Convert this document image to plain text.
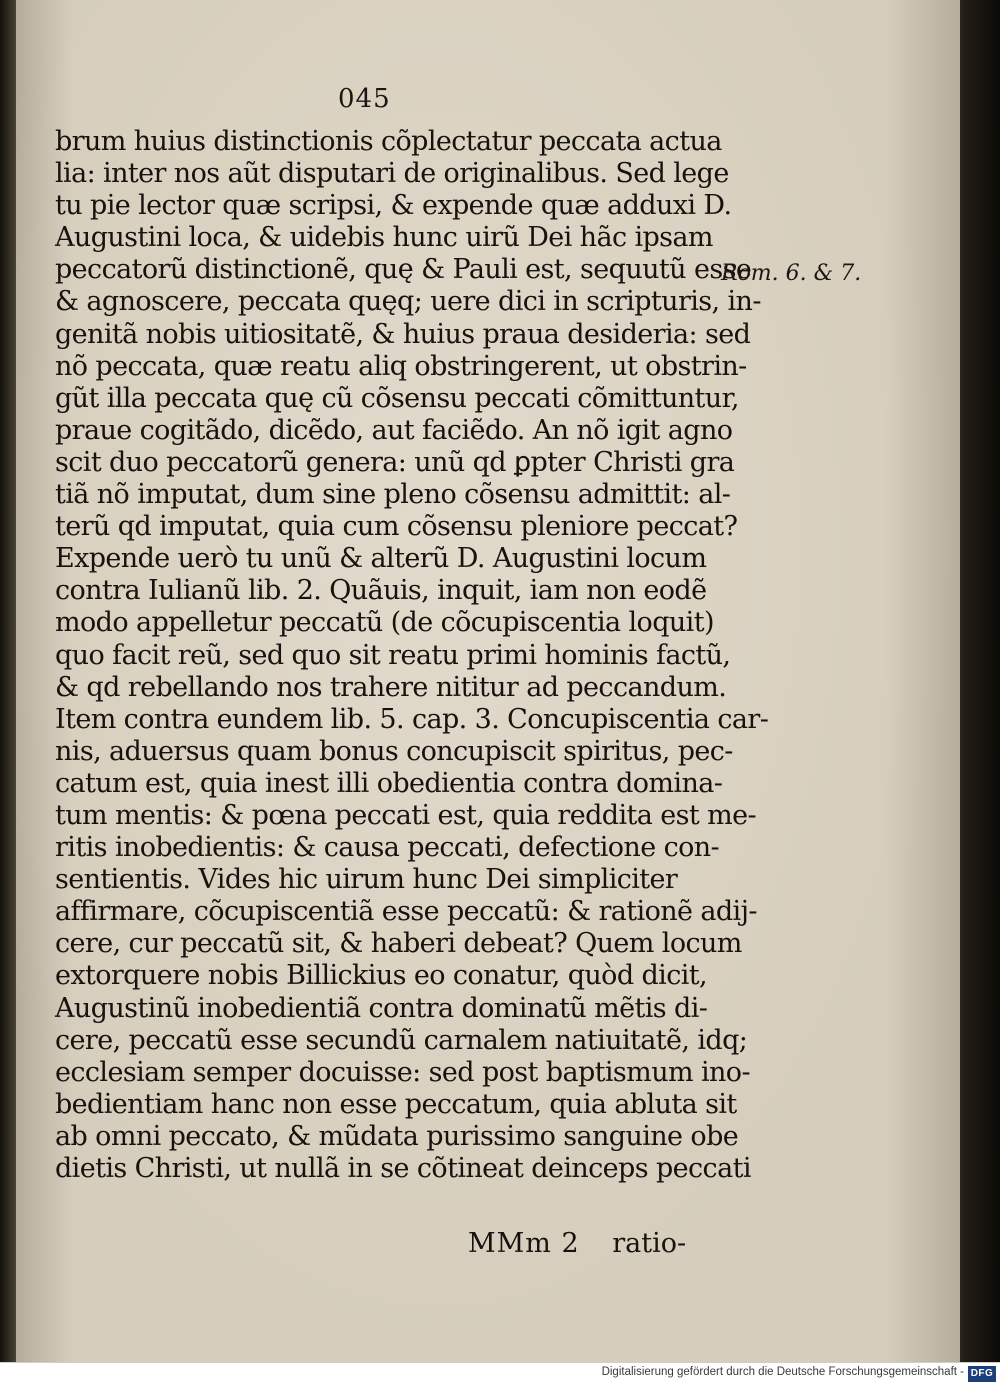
045
brum huius distinctionis cõplectatur peccata actua
lia: inter nos aũt disputari de originalibus. Sed lege
tu pie lector quæ scripsi, & expende quæ adduxi D.
Augustini loca, & uidebis hunc uirũ Dei hãc ipsam
peccatorũ distinctionẽ, quę & Pauli est, sequutũ esse
& agnoscere, peccata quęq; uere dici in scripturis, in-
genitã nobis uitiositatẽ, & huius praua desideria: sed
nõ peccata, quæ reatu aliq obstringerent, ut obstrin-
gũt illa peccata quę cũ cõsensu peccati cõmittuntur,
praue cogitãdo, dicẽdo, aut faciẽdo. An nõ igit agno
scit duo peccatorũ genera: unũ qd ꝑpter Christi gra
tiã nõ imputat, dum sine pleno cõsensu admittit: al-
terũ qd imputat, quia cum cõsensu pleniore peccat?
Expende uerò tu unũ & alterũ D. Augustini locum
contra Iulianũ lib. 2. Quãuis, inquit, iam non eodẽ
modo appelletur peccatũ (de cõcupiscentia loquit)
quo facit reũ, sed quo sit reatu primi hominis factũ,
& qd rebellando nos trahere nititur ad peccandum.
Item contra eundem lib. 5. cap. 3. Concupiscentia car-
nis, aduersus quam bonus concupiscit spiritus, pec-
catum est, quia inest illi obedientia contra domina-
tum mentis: & pœna peccati est, quia reddita est me-
ritis inobedientis: & causa peccati, defectione con-
sentientis. Vides hic uirum hunc Dei simpliciter
affirmare, cõcupiscentiã esse peccatũ: & rationẽ adij-
cere, cur peccatũ sit, & haberi debeat? Quem locum
extorquere nobis Billickius eo conatur, quòd dicit,
Augustinũ inobedientiã contra dominatũ mẽtis di-
cere, peccatũ esse secundũ carnalem natiuitatẽ, idq;
ecclesiam semper docuisse: sed post baptismum ino-
bedientiam hanc non esse peccatum, quia abluta sit
ab omni peccato, & mũdata purissimo sanguine obe
dietis Christi, ut nullã in se cõtineat deinceps peccati
Rom. 6. & 7.
MMm 2 ratio-
Digitalisierung gefördert durch die Deutsche Forschungsgemeinschaft - DFG
